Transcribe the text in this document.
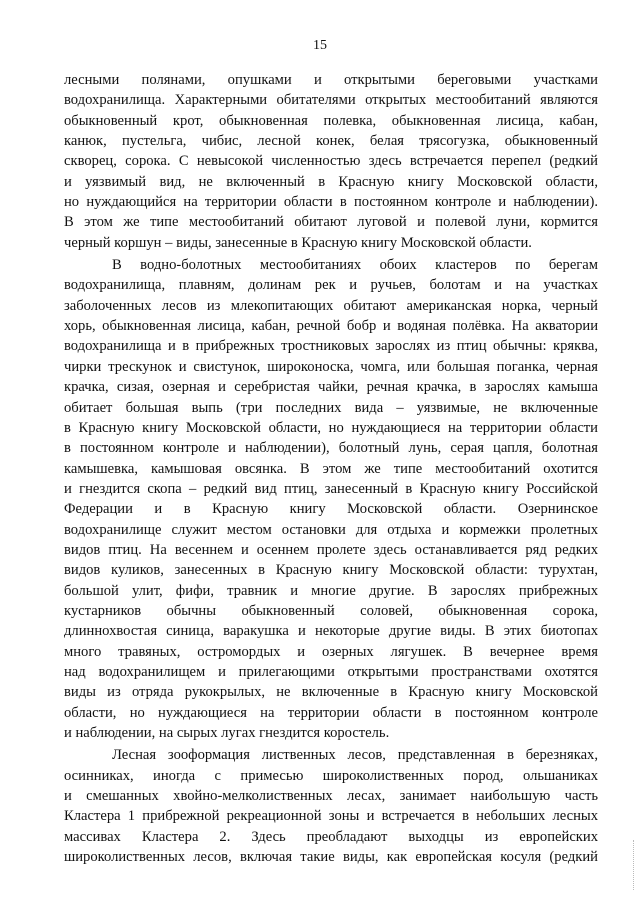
15
лесными полянами, опушками и открытыми береговыми участками
водохранилища. Характерными обитателями открытых местообитаний являются
обыкновенный крот, обыкновенная полевка, обыкновенная лисица, кабан,
канюк, пустельга, чибис, лесной конек, белая трясогузка, обыкновенный
скворец, сорока. С невысокой численностью здесь встречается перепел (редкий
и уязвимый вид, не включенный в Красную книгу Московской области,
но нуждающийся на территории области в постоянном контроле и наблюдении).
В этом же типе местообитаний обитают луговой и полевой луни, кормится
черный коршун – виды, занесенные в Красную книгу Московской области.
В водно-болотных местообитаниях обоих кластеров по берегам
водохранилища, плавням, долинам рек и ручьев, болотам и на участках
заболоченных лесов из млекопитающих обитают американская норка, черный
хорь, обыкновенная лисица, кабан, речной бобр и водяная полёвка. На акватории
водохранилища и в прибрежных тростниковых зарослях из птиц обычны: кряква,
чирки трескунок и свистунок, широконоска, чомга, или большая поганка, черная
крачка, сизая, озерная и серебристая чайки, речная крачка, в зарослях камыша
обитает большая выпь (три последних вида – уязвимые, не включенные
в Красную книгу Московской области, но нуждающиеся на территории области
в постоянном контроле и наблюдении), болотный лунь, серая цапля, болотная
камышевка, камышовая овсянка. В этом же типе местообитаний охотится
и гнездится скопа – редкий вид птиц, занесенный в Красную книгу Российской
Федерации и в Красную книгу Московской области. Озернинское
водохранилище служит местом остановки для отдыха и кормежки пролетных
видов птиц. На весеннем и осеннем пролете здесь останавливается ряд редких
видов куликов, занесенных в Красную книгу Московской области: турухтан,
большой улит, фифи, травник и многие другие. В зарослях прибрежных
кустарников обычны обыкновенный соловей, обыкновенная сорока,
длиннохвостая синица, варакушка и некоторые другие виды. В этих биотопах
много травяных, остромордых и озерных лягушек. В вечернее время
над водохранилищем и прилегающими открытыми пространствами охотятся
виды из отряда рукокрылых, не включенные в Красную книгу Московской
области, но нуждающиеся на территории области в постоянном контроле
и наблюдении, на сырых лугах гнездится коростель.
Лесная зооформация лиственных лесов, представленная в березняках,
осинниках, иногда с примесью широколиственных пород, ольшаниках
и смешанных хвойно-мелколиственных лесах, занимает наибольшую часть
Кластера 1 прибрежной рекреационной зоны и встречается в небольших лесных
массивах Кластера 2. Здесь преобладают выходцы из европейских
широколиственных лесов, включая такие виды, как европейская косуля (редкий
